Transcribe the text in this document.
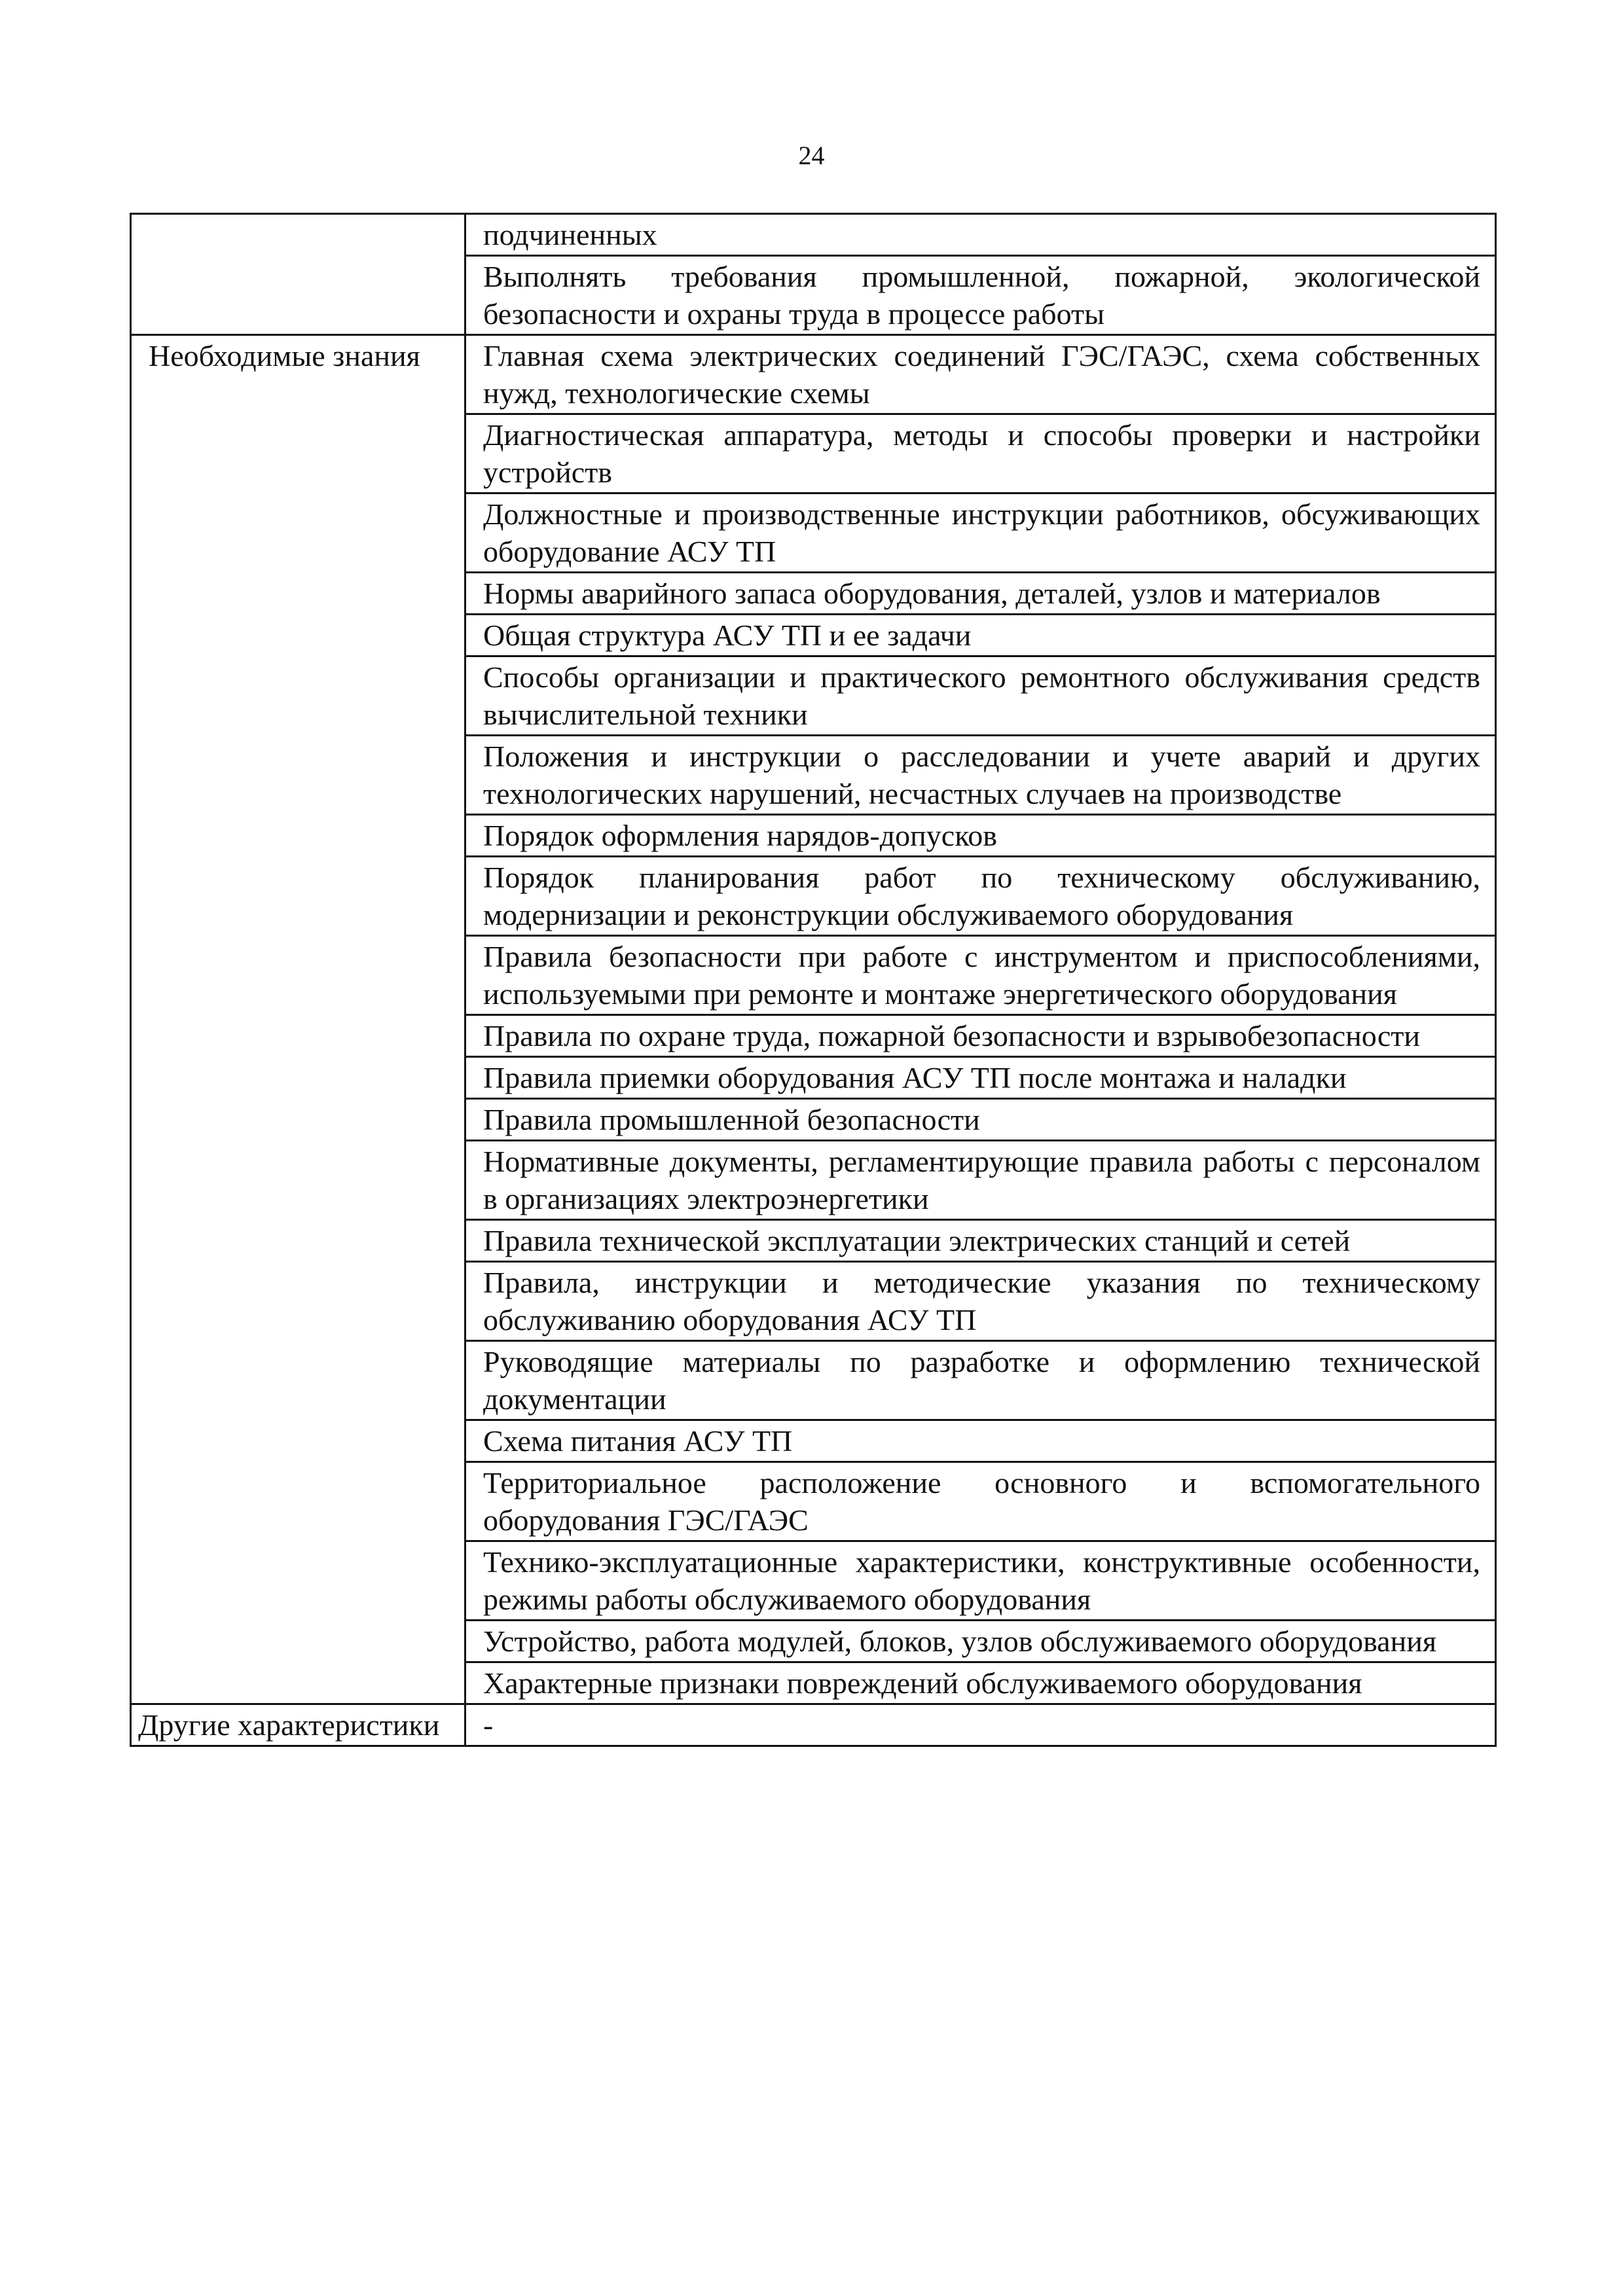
24
	подчиненных
	Выполнять требования промышленной, пожарной, экологической безопасности и охраны труда в процессе работы
Необходимые знания	Главная схема электрических соединений ГЭС/ГАЭС, схема собственных нужд, технологические схемы
	Диагностическая аппаратура, методы и способы проверки и настройки устройств
	Должностные и производственные инструкции работников, обсуживающих оборудование АСУ ТП
	Нормы аварийного запаса оборудования, деталей, узлов и материалов
	Общая структура АСУ ТП и ее задачи
	Способы организации и практического ремонтного обслуживания средств вычислительной техники
	Положения и инструкции о расследовании и учете аварий и других технологических нарушений, несчастных случаев на производстве
	Порядок оформления нарядов-допусков
	Порядок планирования работ по техническому обслуживанию, модернизации и реконструкции обслуживаемого оборудования
	Правила безопасности при работе с инструментом и приспособлениями, используемыми при ремонте и монтаже энергетического оборудования
	Правила по охране труда, пожарной безопасности и взрывобезопасности
	Правила приемки оборудования АСУ ТП после монтажа и наладки
	Правила промышленной безопасности
	Нормативные документы, регламентирующие правила работы с персоналом в организациях электроэнергетики
	Правила технической эксплуатации электрических станций и сетей
	Правила, инструкции и методические указания по техническому обслуживанию оборудования АСУ ТП
	Руководящие материалы по разработке и оформлению технической документации
	Схема питания АСУ ТП
	Территориальное расположение основного и вспомогательного оборудования ГЭС/ГАЭС
	Технико-эксплуатационные характеристики, конструктивные особенности, режимы работы обслуживаемого оборудования
	Устройство, работа модулей, блоков, узлов обслуживаемого оборудования
	Характерные признаки повреждений обслуживаемого оборудования
Другие характеристики	-
